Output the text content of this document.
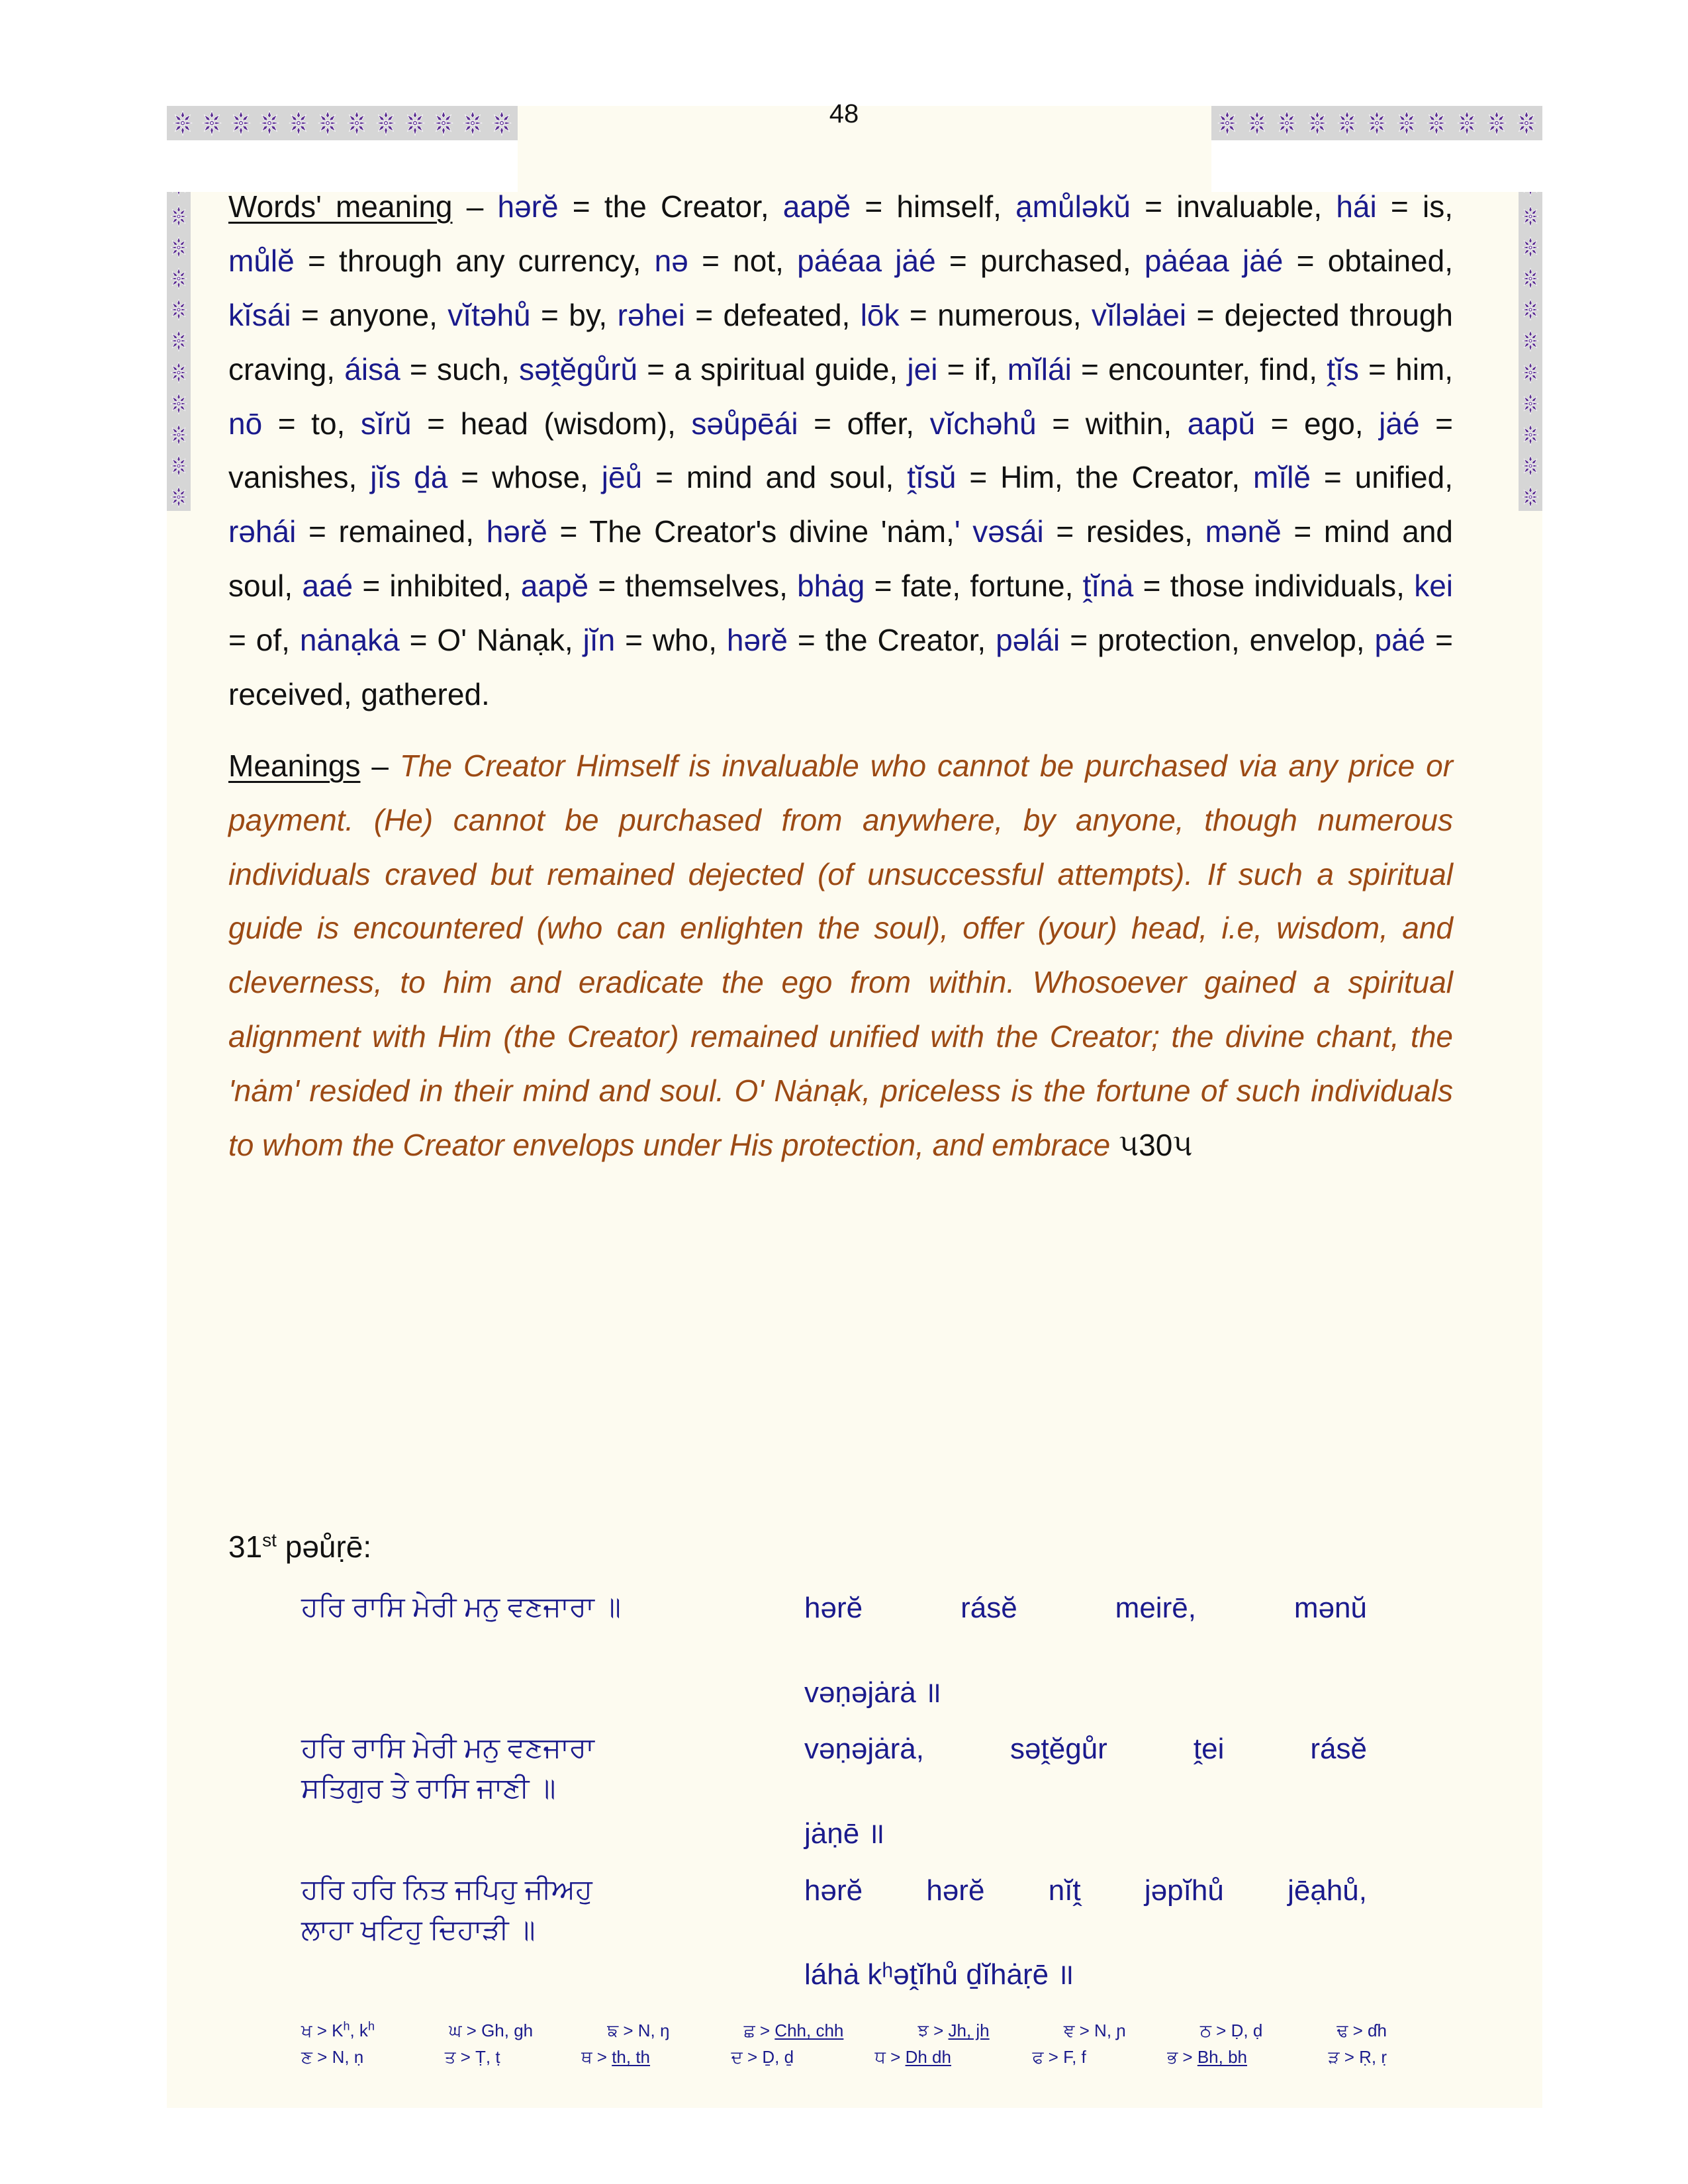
48

Words' meaning – hərĕ = the Creator, aapĕ = himself, ạmůləkŭ = invaluable, hái = is, můlĕ = through any currency, nə = not, pȧéaa jȧé = purchased, pȧéaa jȧé = obtained, kĭsái = anyone, vĭtəhů = by, rəhei = defeated, lōk = numerous, vĭləlȧei = dejected through craving, áisȧ = such, səṱĕgůrŭ = a spiritual guide, jei = if, mĭlái = encounter, find, ṱĭs = him, nō = to, sĭrŭ = head (wisdom), səůpēái = offer, vĭchəhů = within, aapŭ = ego, jȧé = vanishes, jĭs ḏȧ = whose, jēů = mind and soul, ṱĭsŭ = Him, the Creator, mĭlĕ = unified, rəhái = remained, hərĕ = The Creator's divine 'nȧm,' vəsái = resides, mənĕ = mind and soul, aaé = inhibited, aapĕ = themselves, bhȧg = fate, fortune, ṱĭnȧ = those individuals, kei = of, nȧnạkȧ = O' Nȧnạk, jĭn = who, hərĕ = the Creator, pəlái = protection, envelop, pȧé = received, gathered.

Meanings – The Creator Himself is invaluable who cannot be purchased via any price or payment. (He) cannot be purchased from anywhere, by anyone, though numerous individuals craved but remained dejected (of unsuccessful attempts). If such a spiritual guide is encountered (who can enlighten the soul), offer (your) head, i.e, wisdom, and cleverness, to him and eradicate the ego from within. Whosoever gained a spiritual alignment with Him (the Creator) remained unified with the Creator; the divine chant, the 'nȧm' resided in their mind and soul. O' Nȧnạk, priceless is the fortune of such individuals to whom the Creator envelops under His protection, and embrace ૫30૫

31st pəůṛē:
ਹਰਿ ਰਾਸਿ ਮੇਰੀ ਮਨੁ ਵਣਜਾਰਾ ॥	hərĕ rásĕ meirē, mənŭ
vəṇəjȧrȧ ॥

ਹਰਿ ਰਾਸਿ ਮੇਰੀ ਮਨੁ ਵਣਜਾਰਾ
ਸਤਿਗੁਰ ਤੇ ਰਾਸਿ ਜਾਣੀ ॥	vəṇəjȧrȧ, səṱĕgůr ṱei rásĕ
jȧṇē ॥

ਹਰਿ ਹਰਿ ਨਿਤ ਜਪਿਹੁ ਜੀਅਹੁ
ਲਾਹਾ ਖਟਿਹੁ ਦਿਹਾੜੀ ॥	hərĕ hərĕ nĭṱ jəpĭhů jēạhů,
láhȧ kʰəṱĭhů ḏĭhȧṛē ॥
ਖ > $K^h$, $k^h$	ਘ > Gh, gh	ਙ > N, ŋ	ਛ > Chh, chh	ਝ > Jh, jh	ਞ > N, ɲ	ਠ > Ḍ, ḍ	ਢ > ɗh
ਣ > N, ṇ	ਤ > Ṭ, ṭ	ਥ > th, th	ਦ > Ḏ, ḏ	ਧ > Dh dh	ਫ > F, f	ਭ > Bh, bh	ੜ > Ṛ, ṛ
